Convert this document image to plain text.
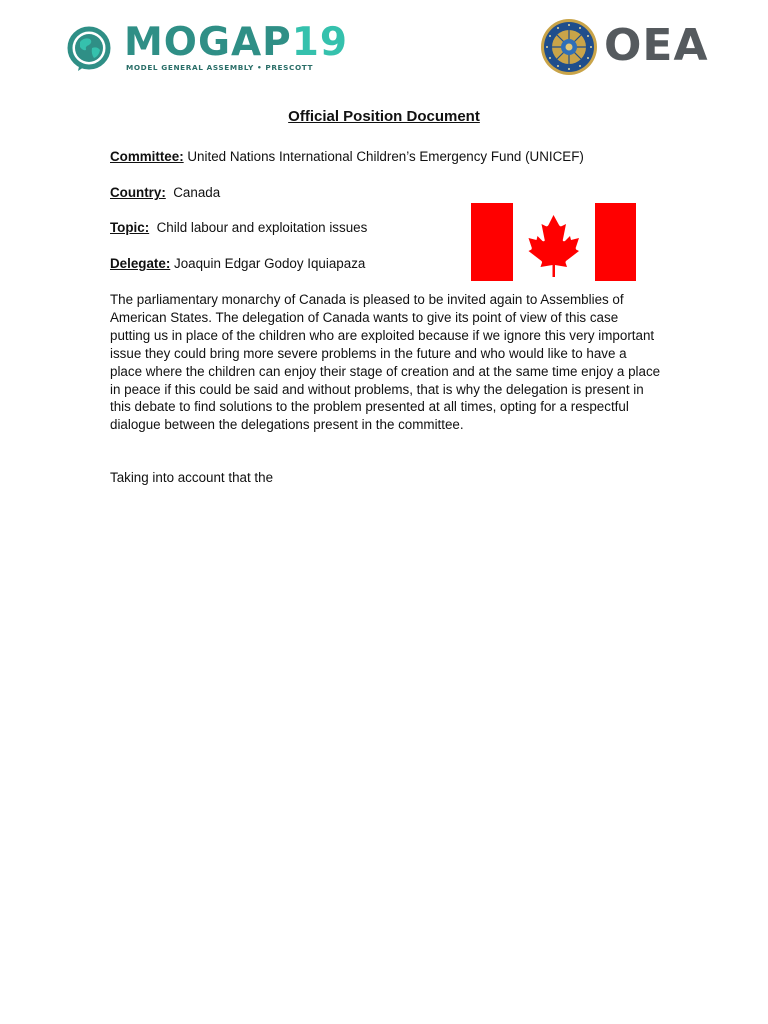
MOGAP19
MODEL GENERAL ASSEMBLY • PRESCOTT	OEA
Official Position Document
Committee: United Nations International Children’s Emergency Fund (UNICEF)
Country: Canada
Topic: Child labour and exploitation issues
Delegate: Joaquin Edgar Godoy Iquiapaza

The parliamentary monarchy of Canada is pleased to be invited again to Assemblies of American States. The delegation of Canada wants to give its point of view of this case putting us in place of the children who are exploited because if we ignore this very important issue they could bring more severe problems in the future and who would like to have a place where the children can enjoy their stage of creation and at the same time enjoy a place in peace if this could be said and without problems, that is why the delegation is present in this debate to find solutions to the problem presented at all times, opting for a respectful dialogue between the delegations present in the committee.

Taking into account that the
